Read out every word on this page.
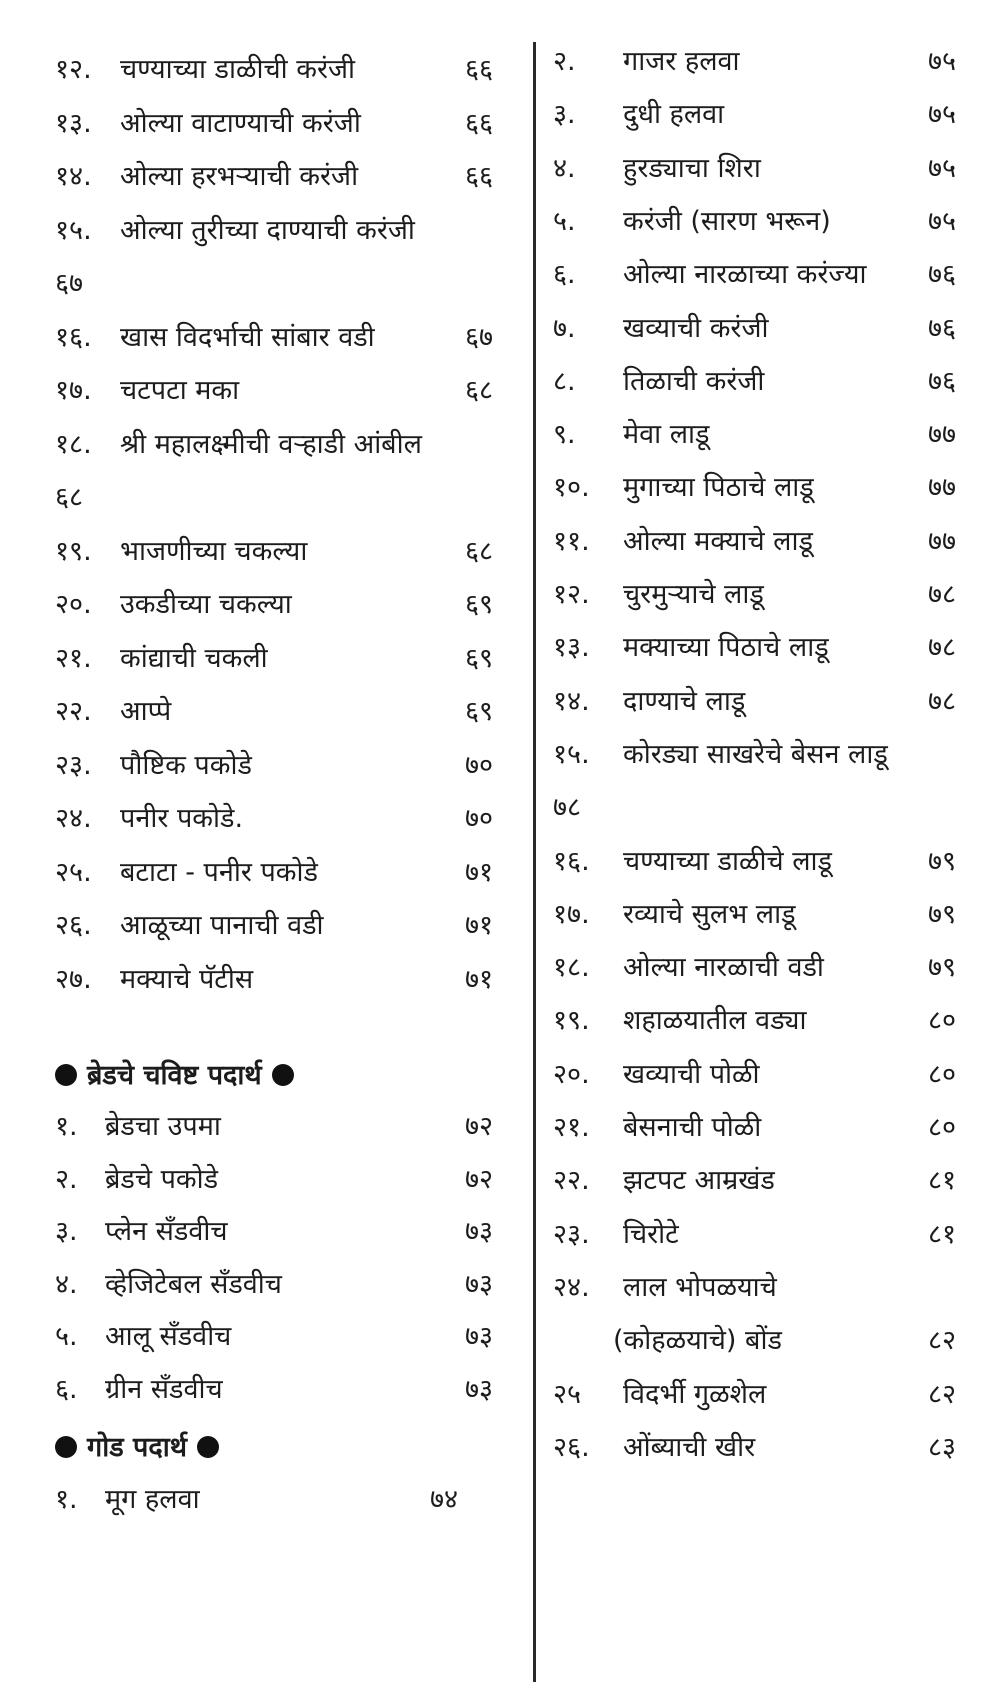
ब्रेडचे चविष्ट पदार्थ
गोड पदार्थ
१२. चण्याच्या डाळीची करंजी	६६
१३. ओल्या वाटाण्याची करंजी	६६
१४. ओल्या हरभऱ्याची करंजी	६६
१५. ओल्या तुरीच्या दाण्याची करंजी
६७
१६. खास विदर्भाची सांबार वडी	६७
१७. चटपटा मका	६८
१८. श्री महालक्ष्मीची वऱ्हाडी आंबील
६८
१९. भाजणीच्या चकल्या	६८
२०. उकडीच्या चकल्या	६९
२१. कांद्याची चकली	६९
२२. आप्पे	६९
२३. पौष्टिक पकोडे	७०
२४. पनीर पकोडे.	७०
२५. बटाटा - पनीर पकोडे	७१
२६. आळूच्या पानाची वडी	७१
२७. मक्याचे पॅटीस	७१
१. ब्रेडचा उपमा	७२
२. ब्रेडचे पकोडे	७२
३. प्लेन सँडवीच	७३
४. व्हेजिटेबल सँडवीच	७३
५. आलू सँडवीच	७३
६. ग्रीन सँडवीच	७३
१. मूग हलवा	७४
२. गाजर हलवा	७५
३. दुधी हलवा	७५
४. हुरड्याचा शिरा	७५
५. करंजी (सारण भरून)	७५
६. ओल्या नारळाच्या करंज्या ७६
७. खव्याची करंजी	७६
८. तिळाची करंजी	७६
९. मेवा लाडू	७७
१०. मुगाच्या पिठाचे लाडू	७७
११. ओल्या मक्याचे लाडू	७७
१२. चुरमुऱ्याचे लाडू	७८
१३. मक्याच्या पिठाचे लाडू	७८
१४. दाण्याचे लाडू	७८
१५. कोरड्या साखरेचे बेसन लाडू
७८
१६. चण्याच्या डाळीचे लाडू	७९
१७. रव्याचे सुलभ लाडू	७९
१८. ओल्या नारळाची वडी	७९
१९. शहाळयातील वड्या	८०
२०. खव्याची पोळी	८०
२१. बेसनाची पोळी	८०
२२. झटपट आम्रखंड	८१
२३. चिरोटे	८१
२४. लाल भोपळयाचे
(कोहळयाचे) बोंड	८२
२५ विदर्भी गुळशेल	८२
२६. ओंब्याची खीर	८३
